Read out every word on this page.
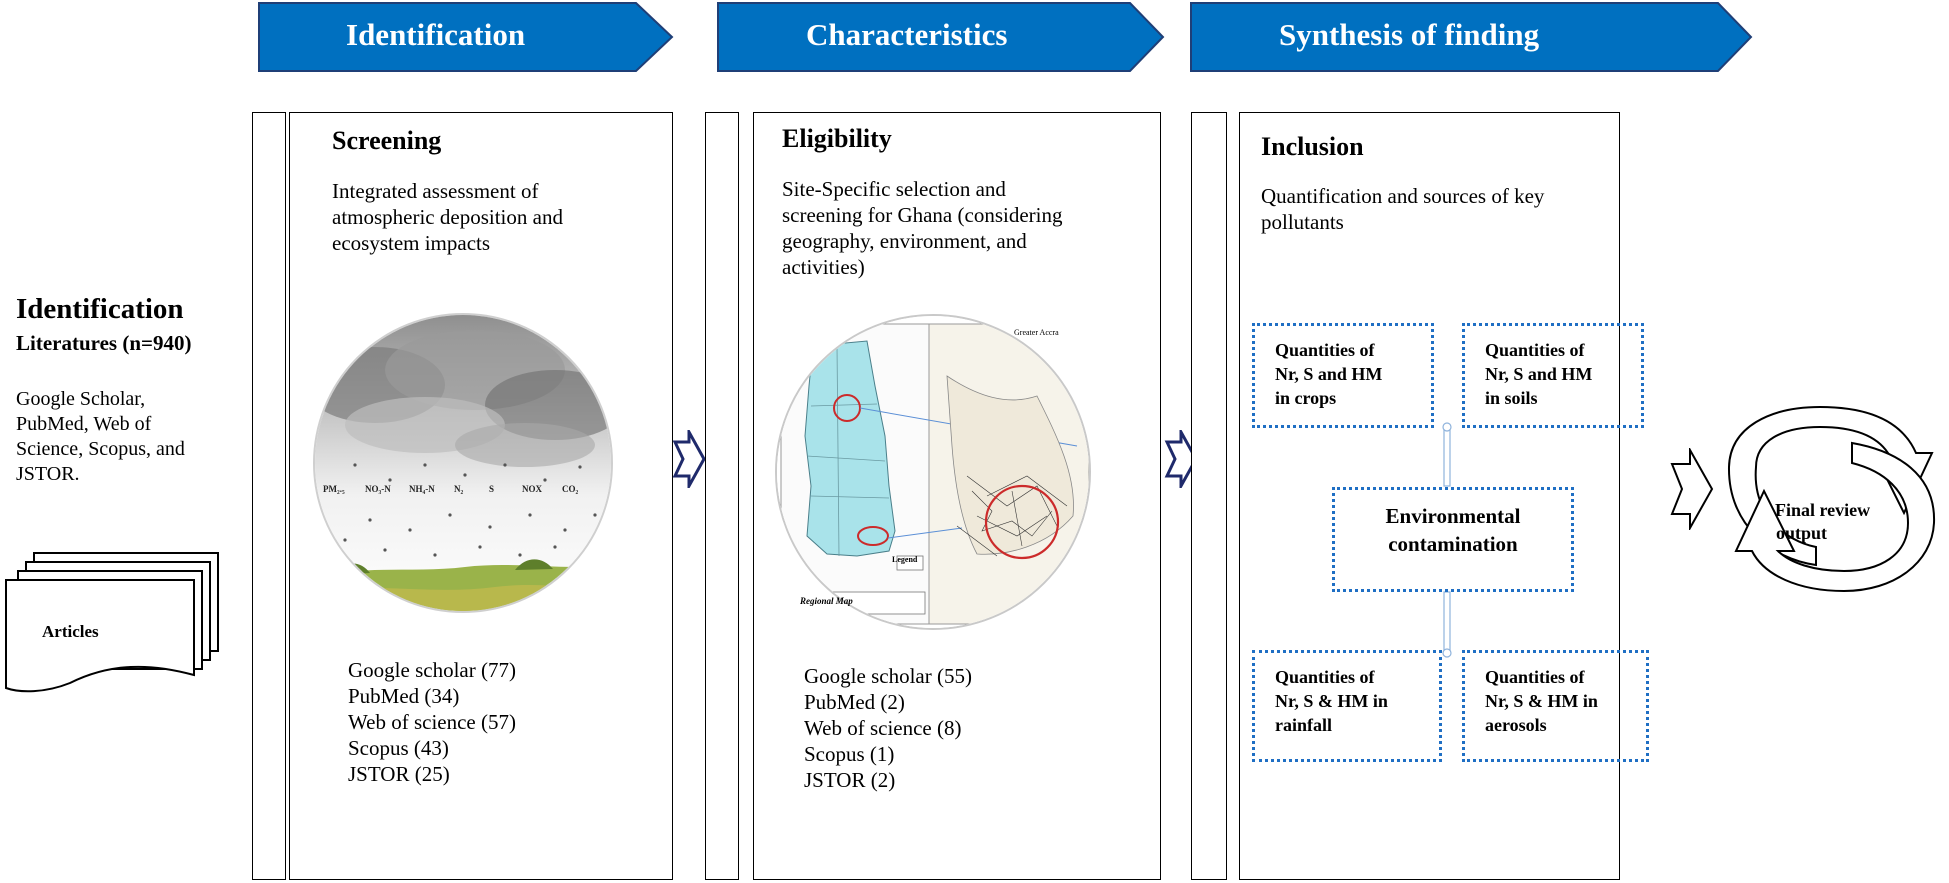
Identification	Characteristics	Synthesis of finding
Identification
Literatures (n=940)
Google Scholar,
PubMed, Web of
Science, Scopus, and
JSTOR.
Articles
Screening
Integrated assessment of
atmospheric deposition and
ecosystem impacts
PM₂.₅ NO₃-N NH₄-N N₂	S	NOX CO₂
Google scholar (77)
PubMed (34)
Web of science (57)
Scopus (43)
JSTOR (25)
Eligibility
Site-Specific selection and
screening for Ghana (considering
geography, environment, and
activities)
Legend
Regional Map
Greater Accra
Google scholar (55)
PubMed (2)
Web of science (8)
Scopus (1)
JSTOR (2)
Inclusion
Quantification and sources of key
pollutants
Quantities of
Nr, S and HM
in crops
Quantities of
Nr, S and HM
in soils
Environmental
contamination
Quantities of
Nr, S & HM in
rainfall
Quantities of
Nr, S & HM in
aerosols
Final review
output
